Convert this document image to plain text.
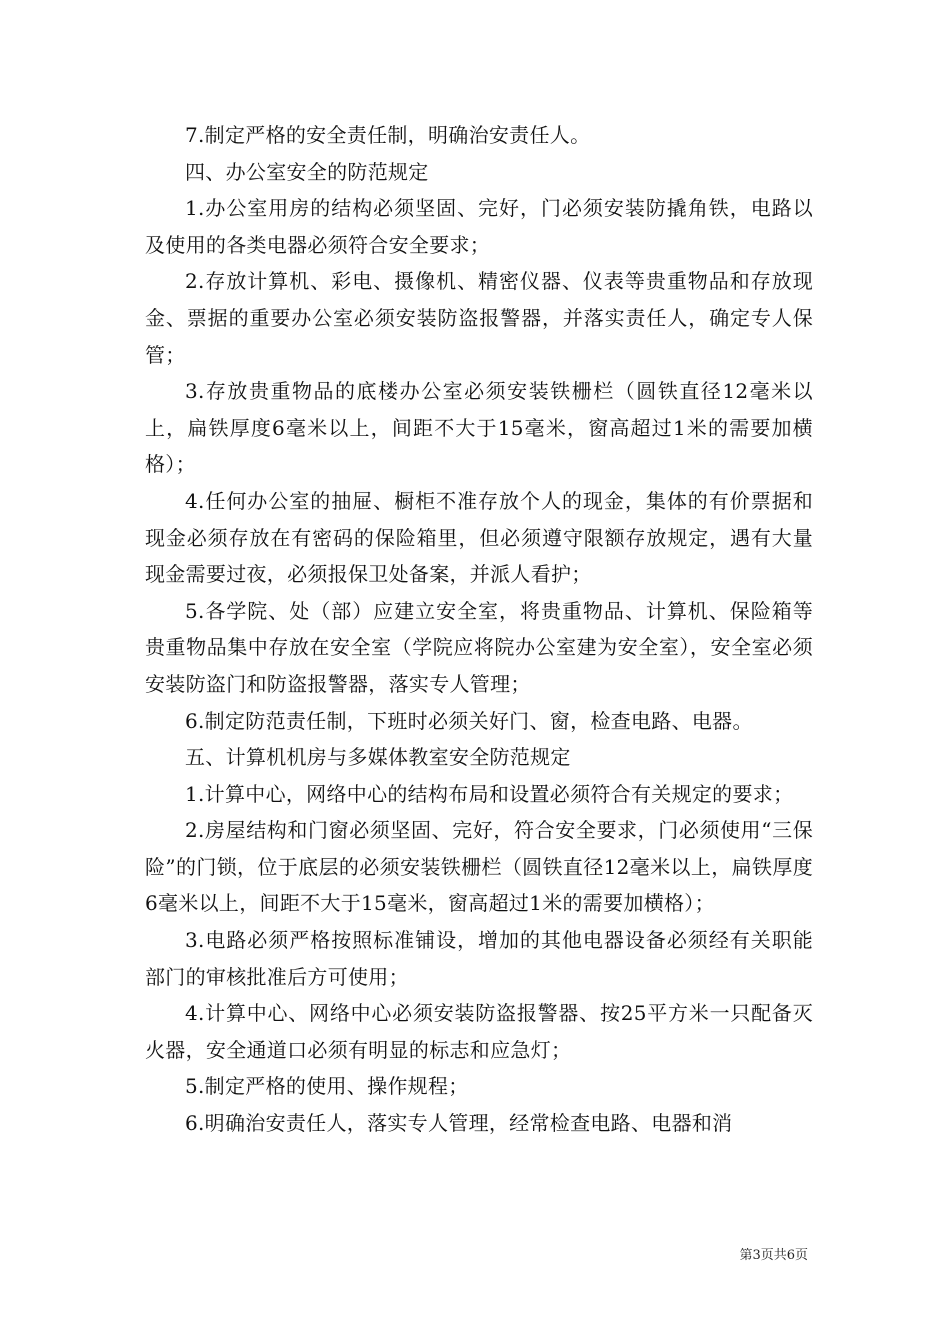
7.制定严格的安全责任制，明确治安责任人。

四、办公室安全的防范规定

1.办公室用房的结构必须坚固、完好，门必须安装防撬角铁，电路以及使用的各类电器必须符合安全要求；

2.存放计算机、彩电、摄像机、精密仪器、仪表等贵重物品和存放现金、票据的重要办公室必须安装防盗报警器，并落实责任人，确定专人保管；

3.存放贵重物品的底楼办公室必须安装铁栅栏（圆铁直径12毫米以上，扁铁厚度6毫米以上，间距不大于15毫米，窗高超过1米的需要加横格）；

4.任何办公室的抽屉、橱柜不准存放个人的现金，集体的有价票据和现金必须存放在有密码的保险箱里，但必须遵守限额存放规定，遇有大量现金需要过夜，必须报保卫处备案，并派人看护；

5.各学院、处（部）应建立安全室，将贵重物品、计算机、保险箱等贵重物品集中存放在安全室（学院应将院办公室建为安全室），安全室必须安装防盗门和防盗报警器，落实专人管理；

6.制定防范责任制，下班时必须关好门、窗，检查电路、电器。

五、计算机机房与多媒体教室安全防范规定

1.计算中心，网络中心的结构布局和设置必须符合有关规定的要求；

2.房屋结构和门窗必须坚固、完好，符合安全要求，门必须使用“三保险”的门锁，位于底层的必须安装铁栅栏（圆铁直径12毫米以上，扁铁厚度6毫米以上，间距不大于15毫米，窗高超过1米的需要加横格）；

3.电路必须严格按照标准铺设，增加的其他电器设备必须经有关职能部门的审核批准后方可使用；

4.计算中心、网络中心必须安装防盗报警器、按25平方米一只配备灭火器，安全通道口必须有明显的标志和应急灯；

5.制定严格的使用、操作规程；

6.明确治安责任人，落实专人管理，经常检查电路、电器和消

第3页共6页
